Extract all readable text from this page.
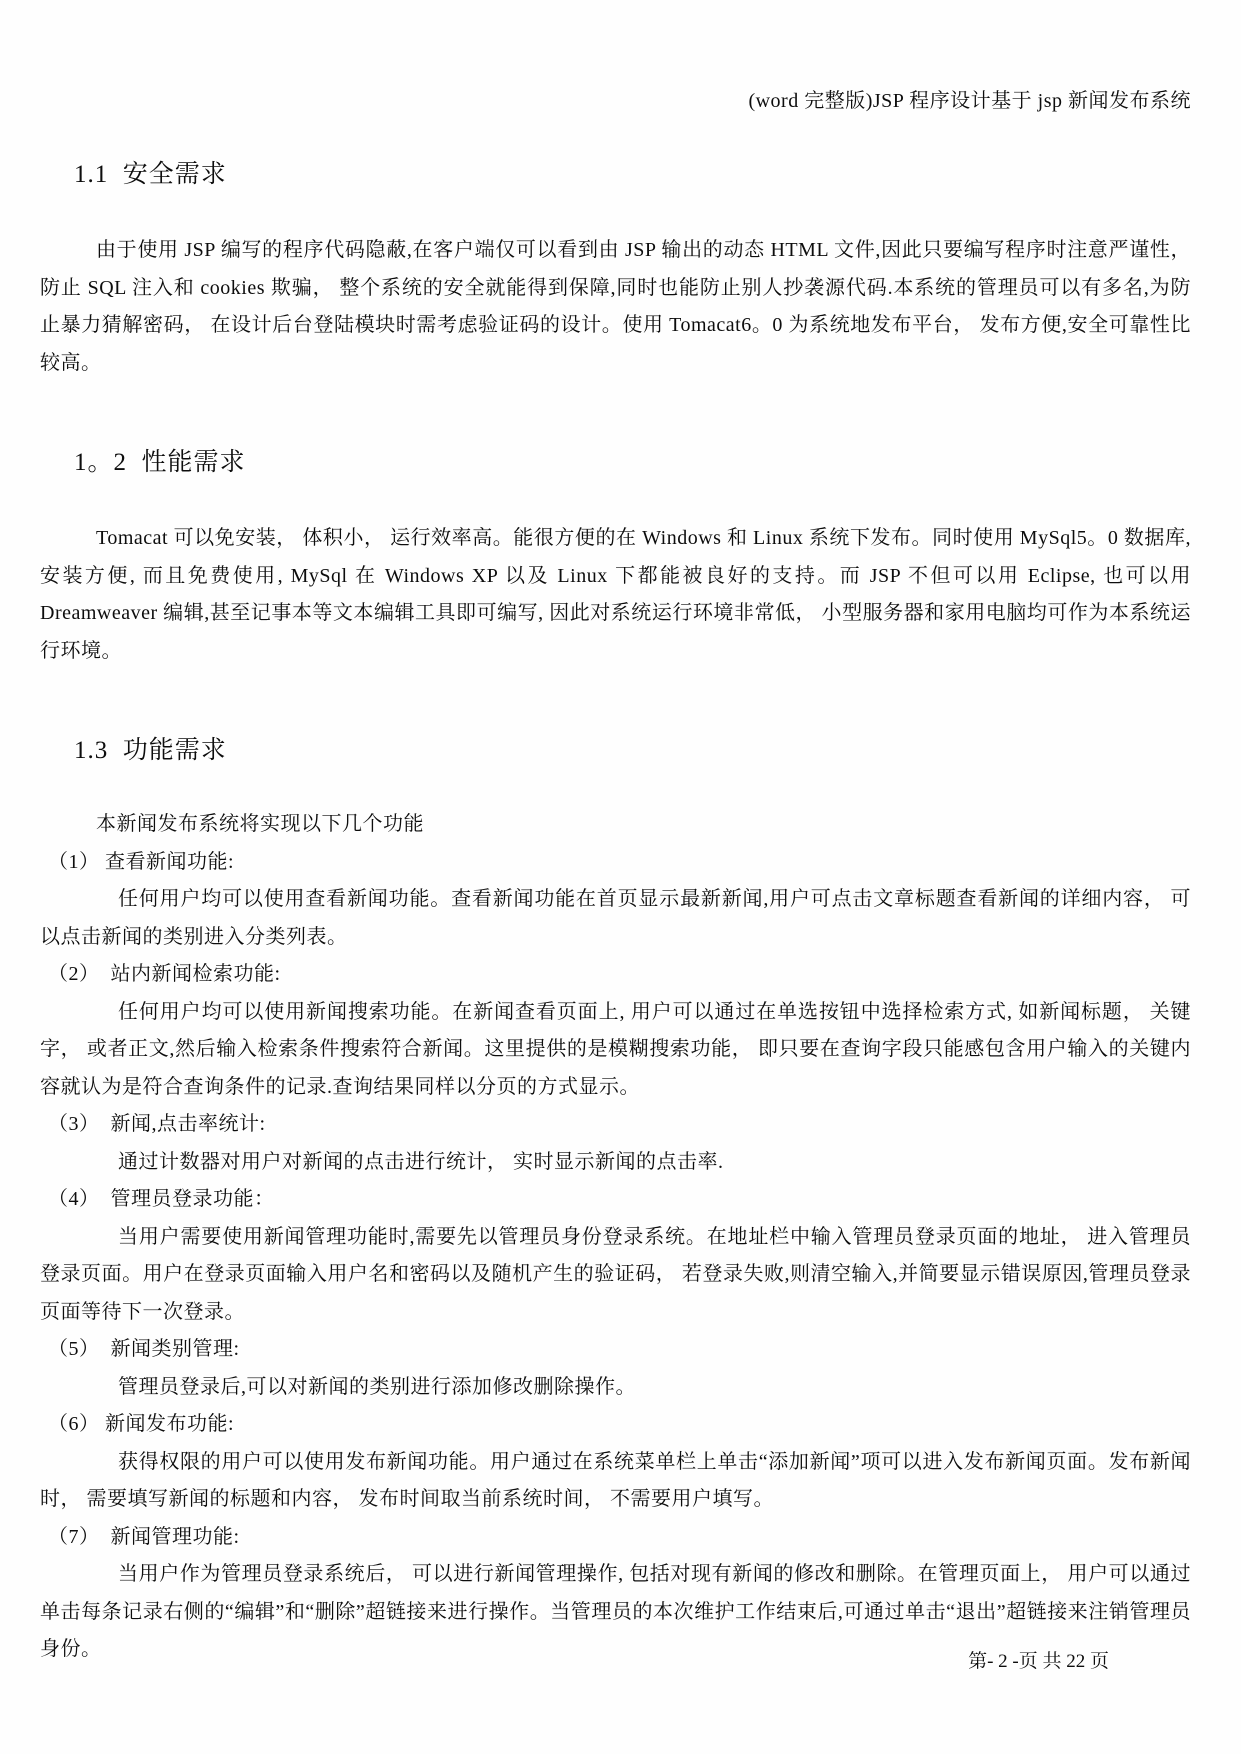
(word 完整版)JSP 程序设计基于 jsp 新闻发布系统
1.1  安全需求

由于使用 JSP 编写的程序代码隐蔽,在客户端仅可以看到由 JSP 输出的动态 HTML 文件,因此只要编写程序时注意严谨性， 防止 SQL 注入和 cookies 欺骗， 整个系统的安全就能得到保障,同时也能防止别人抄袭源代码.本系统的管理员可以有多名,为防止暴力猜解密码， 在设计后台登陆模块时需考虑验证码的设计。使用 Tomacat6。0 为系统地发布平台， 发布方便,安全可靠性比较高。

1。2  性能需求

Tomacat 可以免安装， 体积小， 运行效率高。能很方便的在 Windows 和 Linux 系统下发布。同时使用 MySql5。0 数据库, 安装方便, 而且免费使用, MySql 在 Windows XP 以及 Linux 下都能被良好的支持。而 JSP 不但可以用 Eclipse, 也可以用 Dreamweaver 编辑,甚至记事本等文本编辑工具即可编写, 因此对系统运行环境非常低， 小型服务器和家用电脑均可作为本系统运行环境。

1.3  功能需求

本新闻发布系统将实现以下几个功能

（1） 查看新闻功能:

任何用户均可以使用查看新闻功能。查看新闻功能在首页显示最新新闻,用户可点击文章标题查看新闻的详细内容， 可以点击新闻的类别进入分类列表。

（2）  站内新闻检索功能:

任何用户均可以使用新闻搜索功能。在新闻查看页面上, 用户可以通过在单选按钮中选择检索方式, 如新闻标题， 关键字， 或者正文,然后输入检索条件搜索符合新闻。这里提供的是模糊搜索功能， 即只要在查询字段只能感包含用户输入的关键内容就认为是符合查询条件的记录.查询结果同样以分页的方式显示。

（3）  新闻,点击率统计:

通过计数器对用户对新闻的点击进行统计， 实时显示新闻的点击率.

（4）  管理员登录功能：

当用户需要使用新闻管理功能时,需要先以管理员身份登录系统。在地址栏中输入管理员登录页面的地址， 进入管理员登录页面。用户在登录页面输入用户名和密码以及随机产生的验证码， 若登录失败,则清空输入,并简要显示错误原因,管理员登录页面等待下一次登录。

（5）  新闻类别管理:

管理员登录后,可以对新闻的类别进行添加修改删除操作。

（6） 新闻发布功能:

获得权限的用户可以使用发布新闻功能。用户通过在系统菜单栏上单击“添加新闻”项可以进入发布新闻页面。发布新闻时， 需要填写新闻的标题和内容， 发布时间取当前系统时间， 不需要用户填写。

（7）  新闻管理功能:

当用户作为管理员登录系统后， 可以进行新闻管理操作, 包括对现有新闻的修改和删除。在管理页面上， 用户可以通过单击每条记录右侧的“编辑”和“删除”超链接来进行操作。当管理员的本次维护工作结束后,可通过单击“退出”超链接来注销管理员身份。

第- 2 -页 共 22 页
